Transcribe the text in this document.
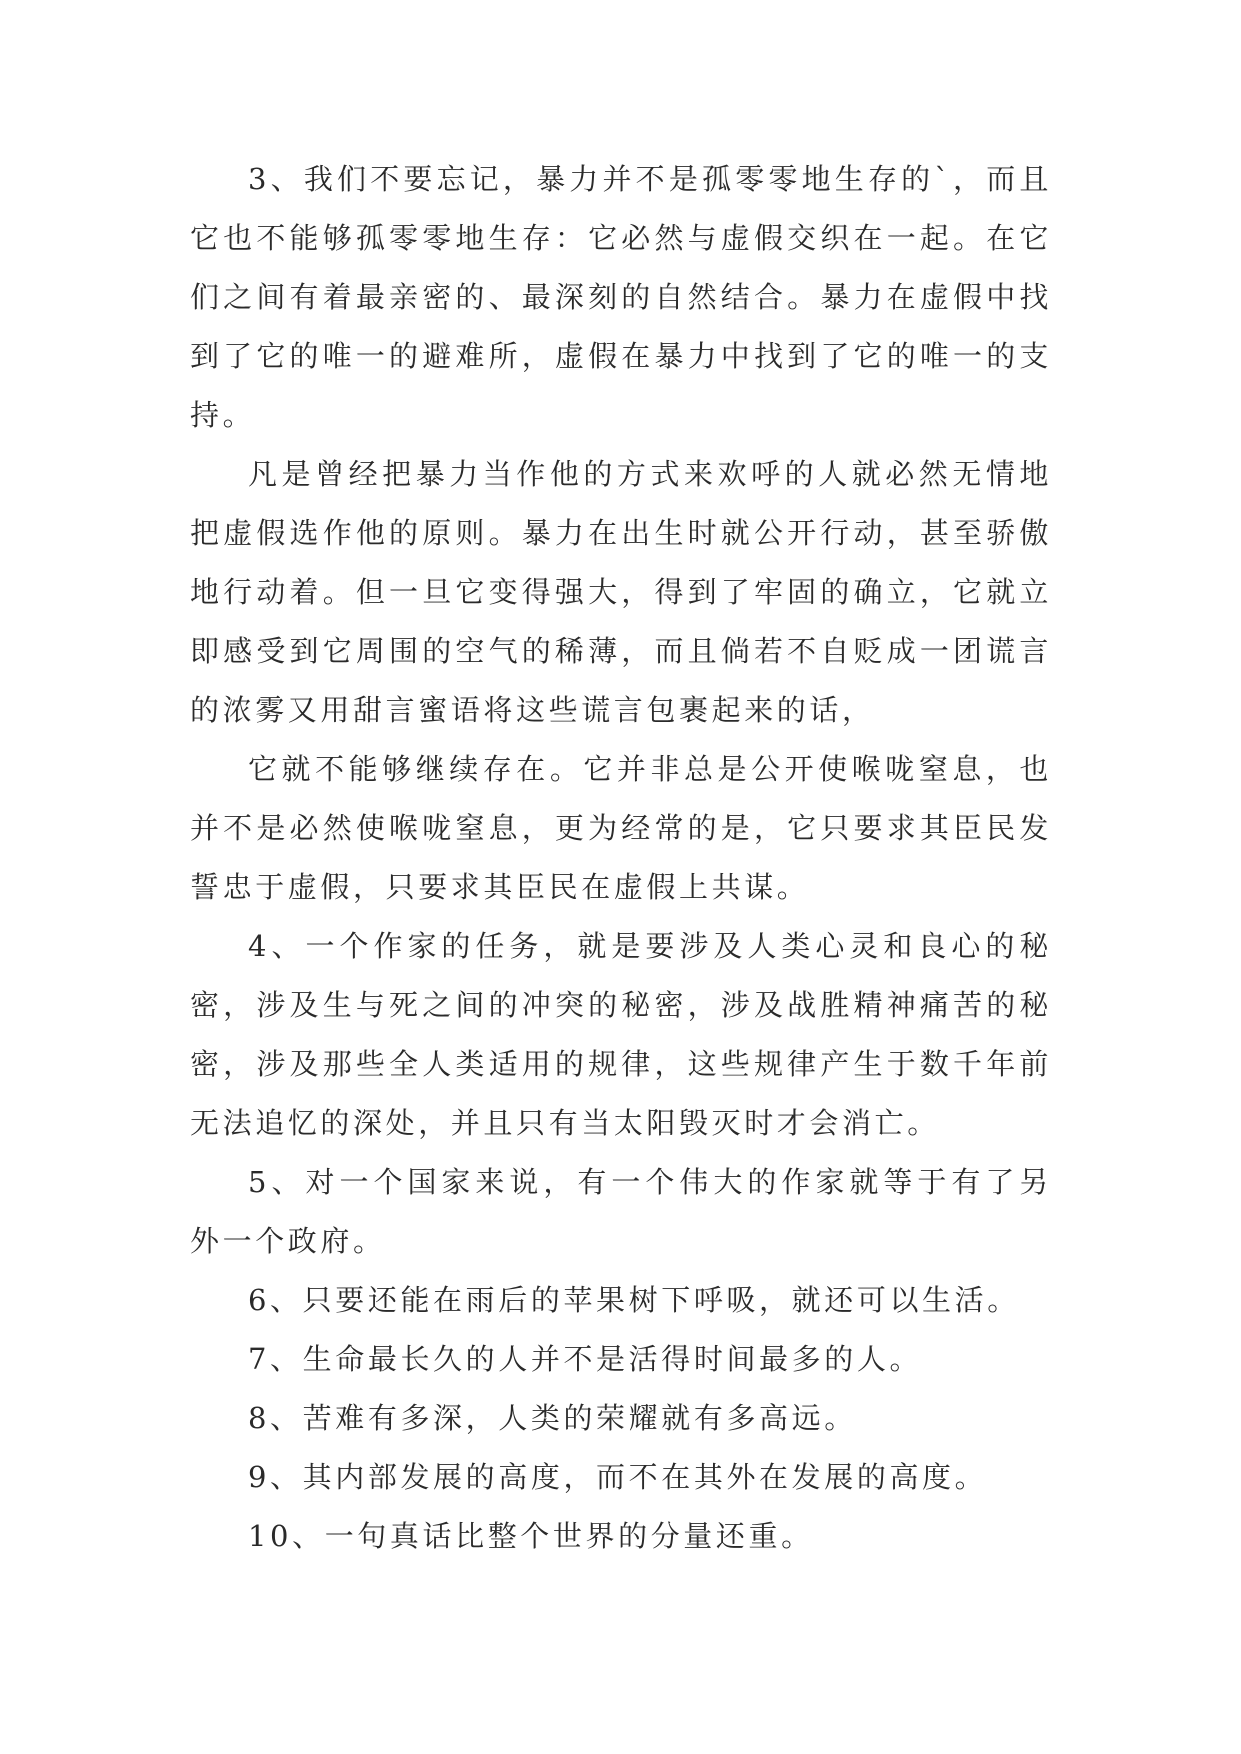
3、我们不要忘记，暴力并不是孤零零地生存的`，而且它也不能够孤零零地生存：它必然与虚假交织在一起。在它们之间有着最亲密的、最深刻的自然结合。暴力在虚假中找到了它的唯一的避难所，虚假在暴力中找到了它的唯一的支持。

凡是曾经把暴力当作他的方式来欢呼的人就必然无情地把虚假选作他的原则。暴力在出生时就公开行动，甚至骄傲地行动着。但一旦它变得强大，得到了牢固的确立，它就立即感受到它周围的空气的稀薄，而且倘若不自贬成一团谎言的浓雾又用甜言蜜语将这些谎言包裹起来的话，

它就不能够继续存在。它并非总是公开使喉咙窒息，也并不是必然使喉咙窒息，更为经常的是，它只要求其臣民发誓忠于虚假，只要求其臣民在虚假上共谋。

4、一个作家的任务，就是要涉及人类心灵和良心的秘密，涉及生与死之间的冲突的秘密，涉及战胜精神痛苦的秘密，涉及那些全人类适用的规律，这些规律产生于数千年前无法追忆的深处，并且只有当太阳毁灭时才会消亡。

5、对一个国家来说，有一个伟大的作家就等于有了另外一个政府。

6、只要还能在雨后的苹果树下呼吸，就还可以生活。

7、生命最长久的人并不是活得时间最多的人。

8、苦难有多深，人类的荣耀就有多高远。

9、其内部发展的高度，而不在其外在发展的高度。

10、一句真话比整个世界的分量还重。
